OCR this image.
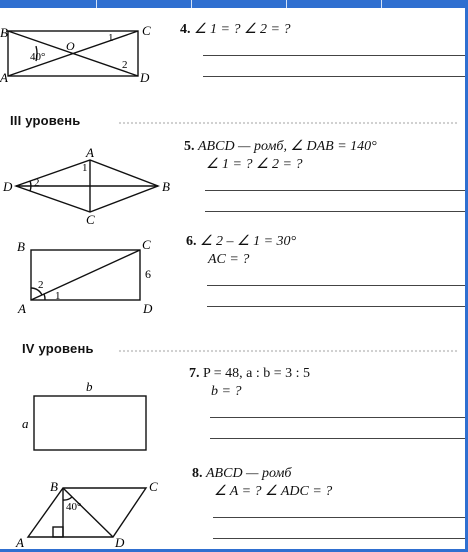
B	C
A	D
O
40°
1
2
4. ∠ 1 = ? ∠ 2 = ?
III уровень
A
D	B
C
1
2
5. ABCD — ромб, ∠ DAB = 140°
∠ 1 = ? ∠ 2 = ?
B	C
A	D
6
2
1
6. ∠ 2 – ∠ 1 = 30°
AC = ?
IV уровень
b
a
7. P = 48, a : b = 3 : 5
b = ?
B	C
A	D
40°
8. ABCD — ромб
∠ A = ? ∠ ADC = ?
